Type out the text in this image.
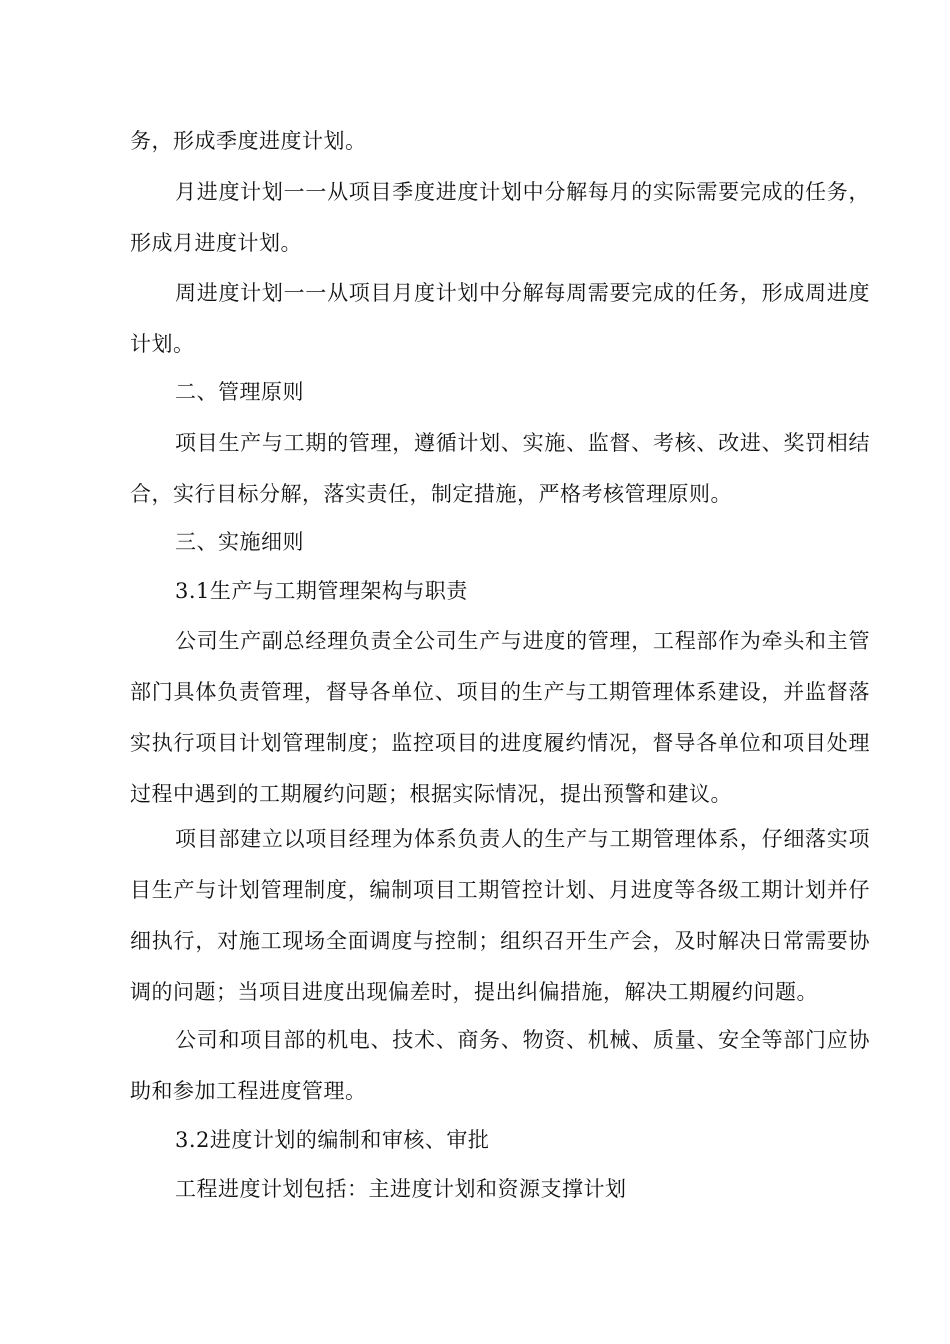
务，形成季度进度计划。
月进度计划一一从项目季度进度计划中分解每月的实际需要完成的任务，形成月进度计划。
周进度计划一一从项目月度计划中分解每周需要完成的任务，形成周进度计划。
二、管理原则
项目生产与工期的管理，遵循计划、实施、监督、考核、改进、奖罚相结合，实行目标分解，落实责任，制定措施，严格考核管理原则。
三、实施细则
3.1生产与工期管理架构与职责
公司生产副总经理负责全公司生产与进度的管理，工程部作为牵头和主管部门具体负责管理，督导各单位、项目的生产与工期管理体系建设，并监督落实执行项目计划管理制度；监控项目的进度履约情况，督导各单位和项目处理过程中遇到的工期履约问题；根据实际情况，提出预警和建议。
项目部建立以项目经理为体系负责人的生产与工期管理体系，仔细落实项目生产与计划管理制度，编制项目工期管控计划、月进度等各级工期计划并仔细执行，对施工现场全面调度与控制；组织召开生产会，及时解决日常需要协调的问题；当项目进度出现偏差时，提出纠偏措施，解决工期履约问题。
公司和项目部的机电、技术、商务、物资、机械、质量、安全等部门应协助和参加工程进度管理。
3.2进度计划的编制和审核、审批
工程进度计划包括：主进度计划和资源支撑计划
